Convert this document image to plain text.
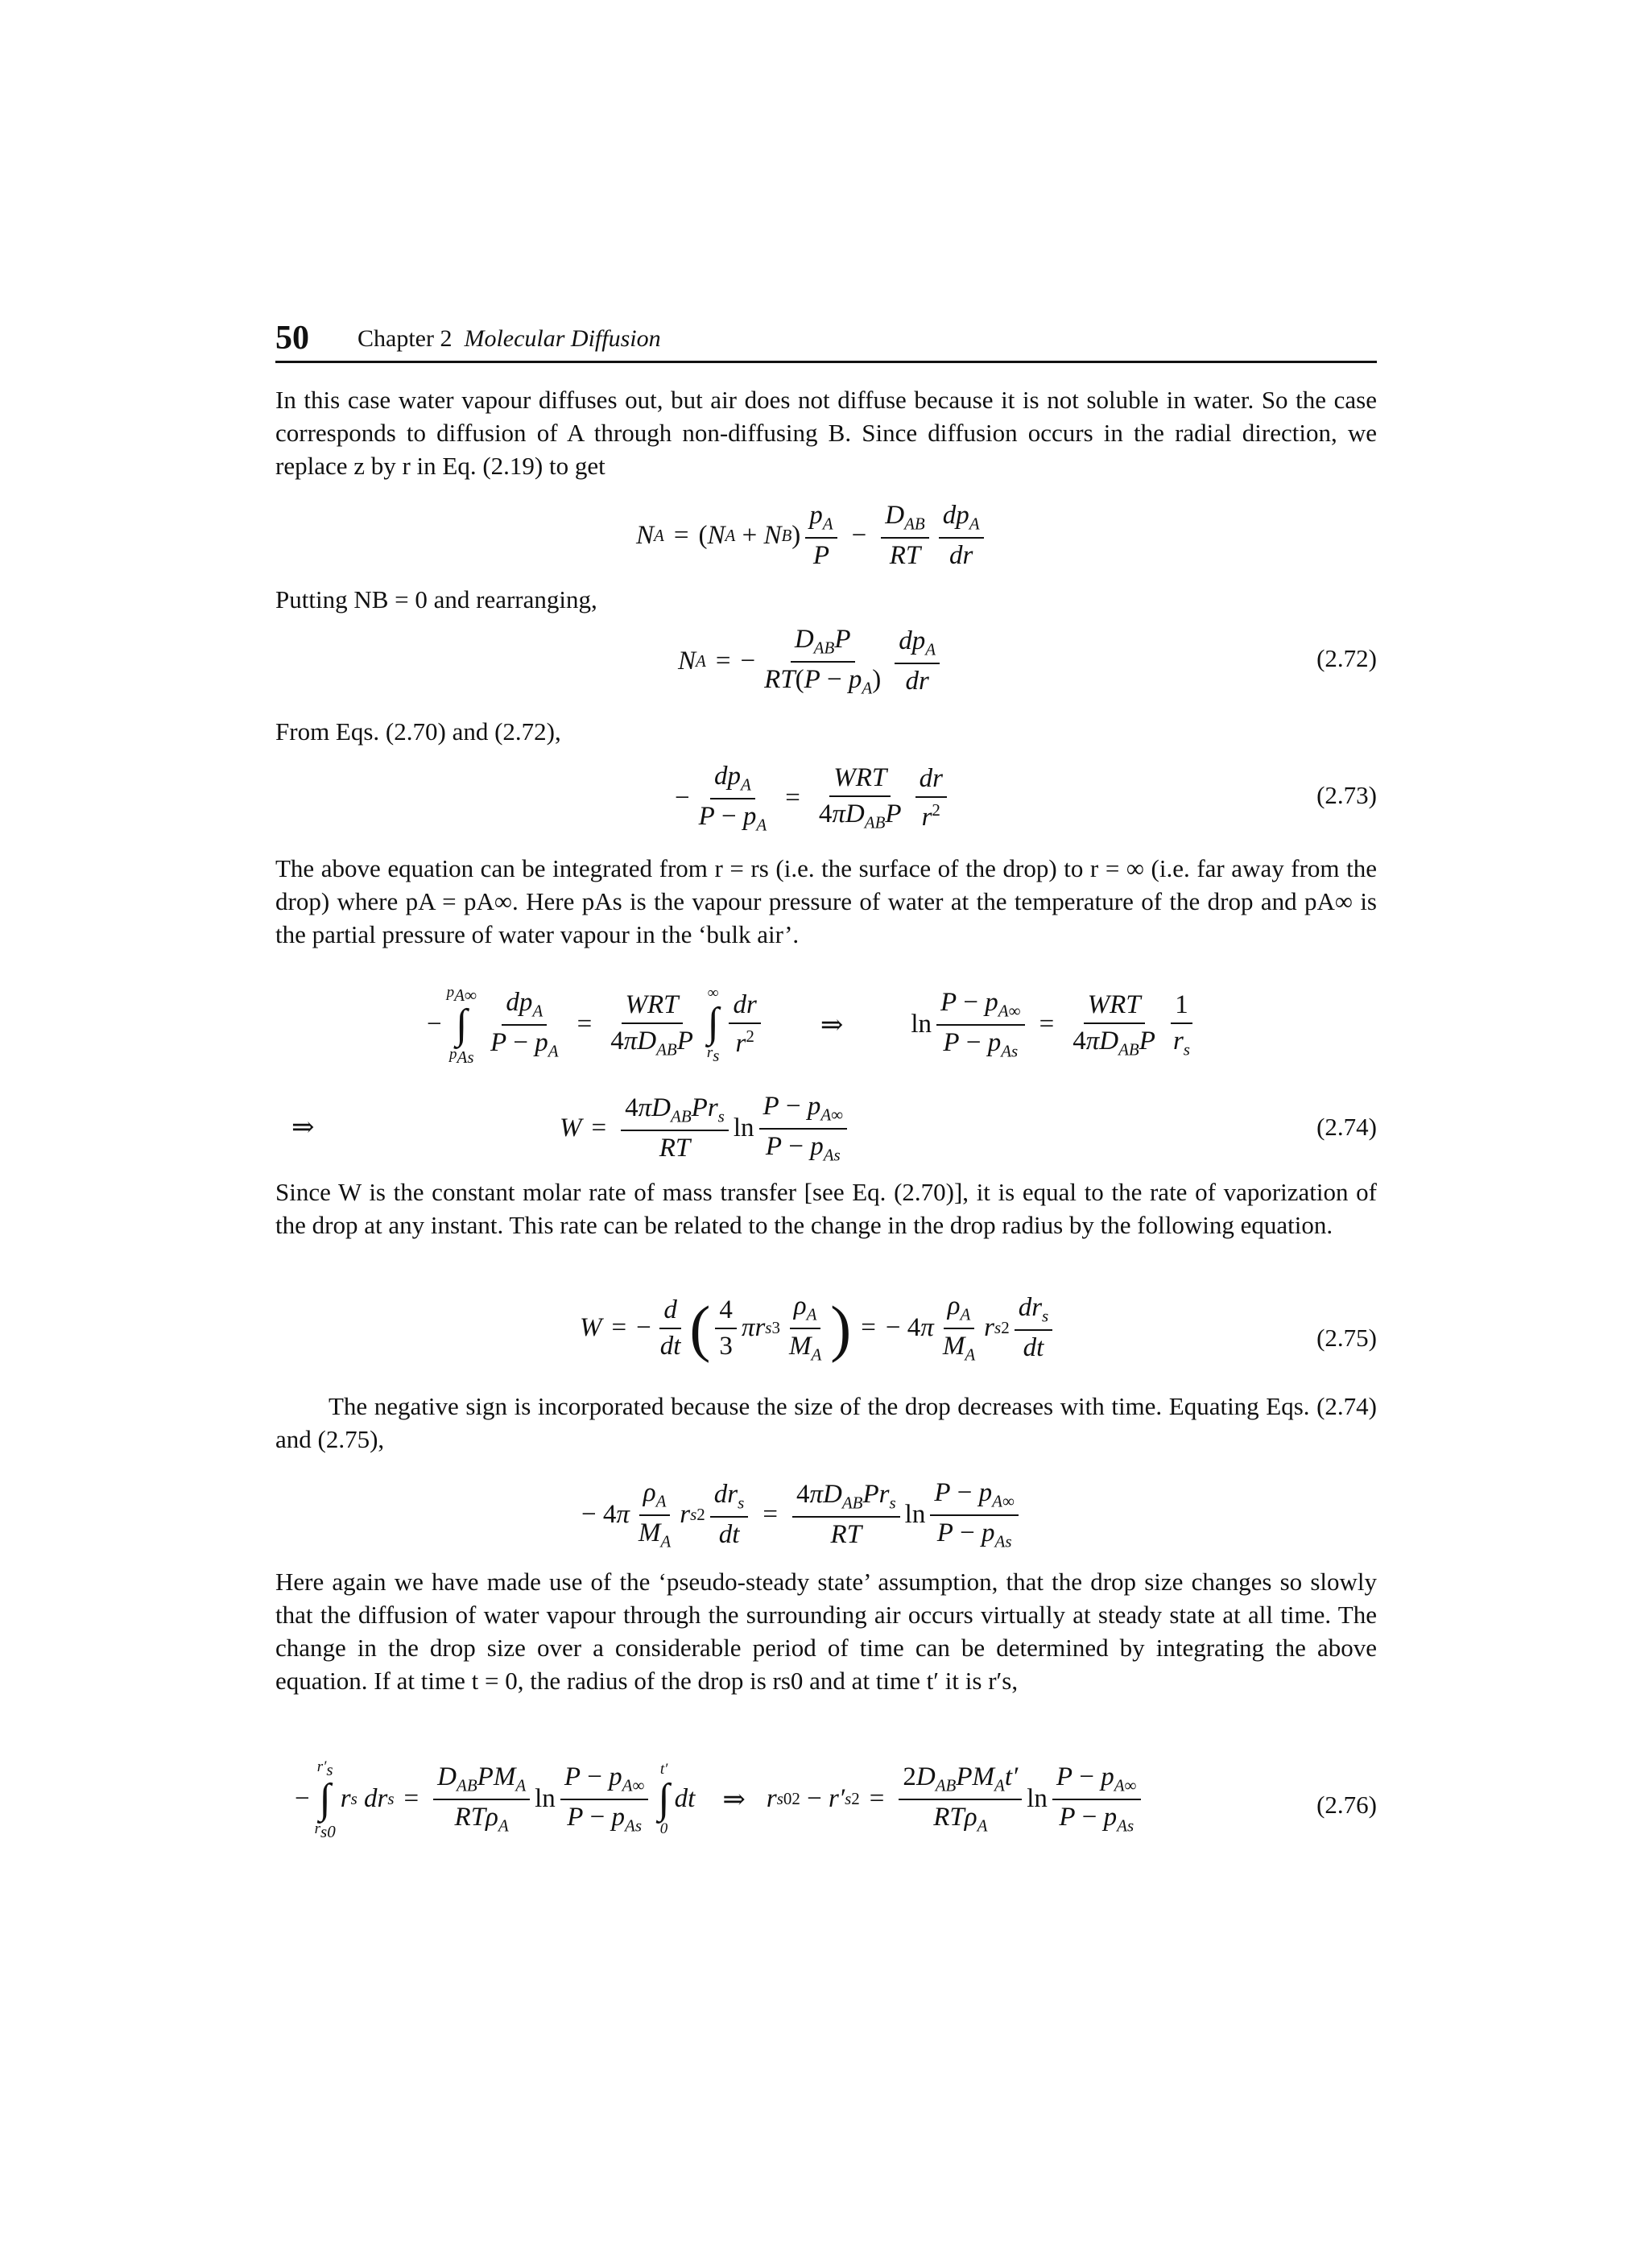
50 Chapter 2 Molecular Diffusion

In this case water vapour diffuses out, but air does not diffuse because it is not soluble in water. So the case corresponds to diffusion of A through non-diffusing B. Since diffusion occurs in the radial direction, we replace z by r in Eq. (2.19) to get

N A = ( N A + N B ) $\frac{p_A}{P} - \frac{D_{AB}}{RT} \frac{dp_A}{dr}$

Putting NB = 0 and rearranging,

N A = − $\frac{D_{AB}P}{RT(P - p_A)} \frac{dp_A}{dr}$	(2.72)

From Eqs. (2.70) and (2.72),

− $\frac{dp_A}{P - p_A} = \frac{\text{WRT}}{4\pi D_{AB}P} \frac{dr}{r^2}$	(2.73)

The above equation can be integrated from r = rs (i.e. the surface of the drop) to r = ∞ (i.e. far away from the drop) where pA = pA∞. Here pAs is the vapour pressure of water at the temperature of the drop and pA∞ is the partial pressure of water vapour in the ‘bulk air’.

−
$p_{A\infty}$
∫
$p_{As} \frac{dp_A}{P - p_A} = \frac{\text{WRT}}{4\pi D_{AB}P}$ ∞
∫
$r_s \frac{dr}{r^2}$ ⇒	$\ln \frac{P - p_{A\infty}}{P - p_{As}} = \frac{\text{WRT}}{4\pi D_{AB}P} \frac{1}{r_s}$
⇒	$W = \frac{4\pi D_{AB}Pr_s}{RT}$ $\ln \frac{P - p_{A\infty}}{P - p_{As}}$	(2.74)

Since W is the constant molar rate of mass transfer [see Eq. (2.70)], it is equal to the rate of vaporization of the drop at any instant. This rate can be related to the change in the drop radius by the following equation.

W = − $\frac{d}{dt}$ ( $\frac{4}{3}$ πr s $3 \frac{\rho_A}{M_A}$ ) = − 4 π $\frac{\rho_A}{M_A}$ r s $2 \frac{dr_s}{dt}$	(2.75)

The negative sign is incorporated because the size of the drop decreases with time. Equating Eqs. (2.74) and (2.75),

− 4 π $\frac{\rho_A}{M_A}$ r s $2 \frac{dr_s}{dt} = \frac{4\pi D_{AB}Pr_s}{RT}$ $\ln \frac{P - p_{A\infty}}{P - p_{As}}$

Here again we have made use of the ‘pseudo-steady state’ assumption, that the drop size changes so slowly that the diffusion of water vapour through the surrounding air occurs virtually at steady state at all time. The change in the drop size over a considerable period of time can be determined by integrating the above equation. If at time t = 0, the radius of the drop is rs0 and at time t′ it is r′s,

−
$r'_s$
∫
$r_{s0}$
r s
dr $s = \frac{D_{AB}PM_A}{RT\rho_A}$ $\ln \frac{P - p_{A\infty}}{P - p_{As}} t'$
∫
0
dt ⇒ r s0 2 − r′ s $2 = \frac{2D_{AB}PM_At'}{RT\rho_A}$ $\ln \frac{P - p_{A\infty}}{P - p_{As}}$	(2.76)
